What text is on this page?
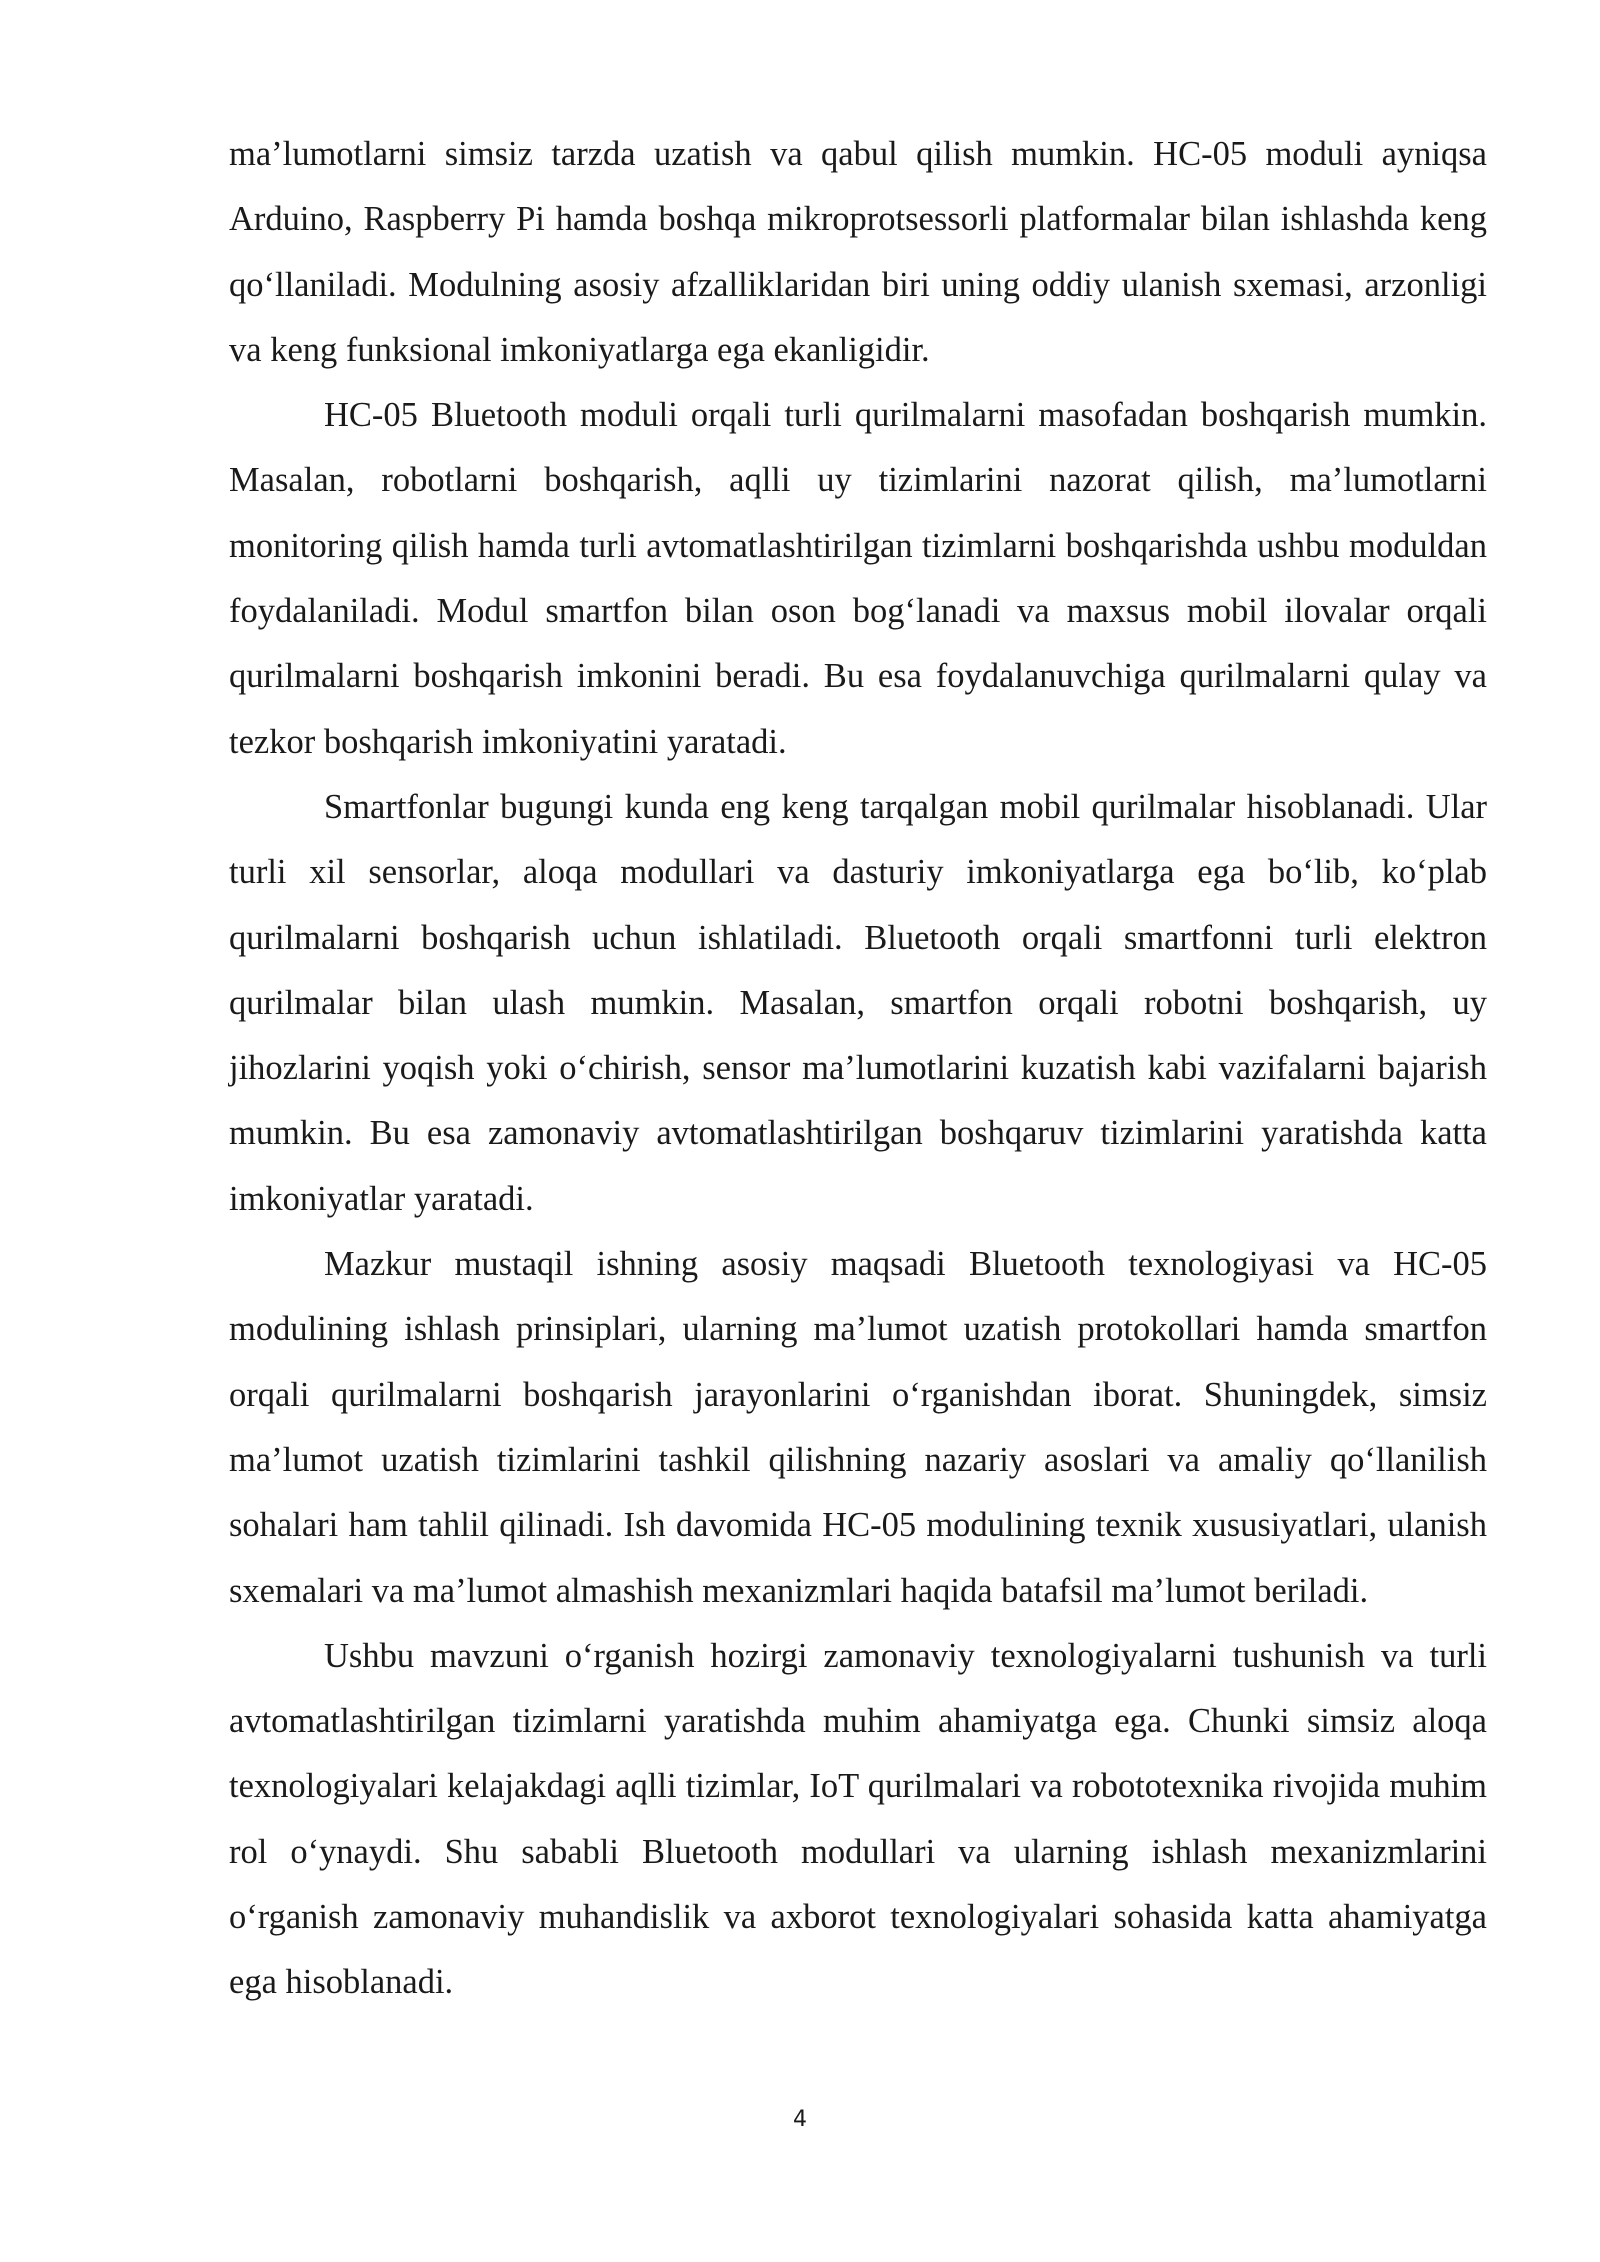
ma’lumotlarni simsiz tarzda uzatish va qabul qilish mumkin. HC-05 moduli ayniqsa Arduino, Raspberry Pi hamda boshqa mikroprotsessorli platformalar bilan ishlashda keng qo‘llaniladi. Modulning asosiy afzalliklaridan biri uning oddiy ulanish sxemasi, arzonligi va keng funksional imkoniyatlarga ega ekanligidir.

HC-05 Bluetooth moduli orqali turli qurilmalarni masofadan boshqarish mumkin. Masalan, robotlarni boshqarish, aqlli uy tizimlarini nazorat qilish, ma’lumotlarni monitoring qilish hamda turli avtomatlashtirilgan tizimlarni boshqarishda ushbu moduldan foydalaniladi. Modul smartfon bilan oson bog‘lanadi va maxsus mobil ilovalar orqali qurilmalarni boshqarish imkonini beradi. Bu esa foydalanuvchiga qurilmalarni qulay va tezkor boshqarish imkoniyatini yaratadi.

Smartfonlar bugungi kunda eng keng tarqalgan mobil qurilmalar hisoblanadi. Ular turli xil sensorlar, aloqa modullari va dasturiy imkoniyatlarga ega bo‘lib, ko‘plab qurilmalarni boshqarish uchun ishlatiladi. Bluetooth orqali smartfonni turli elektron qurilmalar bilan ulash mumkin. Masalan, smartfon orqali robotni boshqarish, uy jihozlarini yoqish yoki o‘chirish, sensor ma’lumotlarini kuzatish kabi vazifalarni bajarish mumkin. Bu esa zamonaviy avtomatlashtirilgan boshqaruv tizimlarini yaratishda katta imkoniyatlar yaratadi.

Mazkur mustaqil ishning asosiy maqsadi Bluetooth texnologiyasi va HC-05 modulining ishlash prinsiplari, ularning ma’lumot uzatish protokollari hamda smartfon orqali qurilmalarni boshqarish jarayonlarini o‘rganishdan iborat. Shuningdek, simsiz ma’lumot uzatish tizimlarini tashkil qilishning nazariy asoslari va amaliy qo‘llanilish sohalari ham tahlil qilinadi. Ish davomida HC-05 modulining texnik xususiyatlari, ulanish sxemalari va ma’lumot almashish mexanizmlari haqida batafsil ma’lumot beriladi.

Ushbu mavzuni o‘rganish hozirgi zamonaviy texnologiyalarni tushunish va turli avtomatlashtirilgan tizimlarni yaratishda muhim ahamiyatga ega. Chunki simsiz aloqa texnologiyalari kelajakdagi aqlli tizimlar, IoT qurilmalari va robototexnika rivojida muhim rol o‘ynaydi. Shu sababli Bluetooth modullari va ularning ishlash mexanizmlarini o‘rganish zamonaviy muhandislik va axborot texnologiyalari sohasida katta ahamiyatga ega hisoblanadi.

4
